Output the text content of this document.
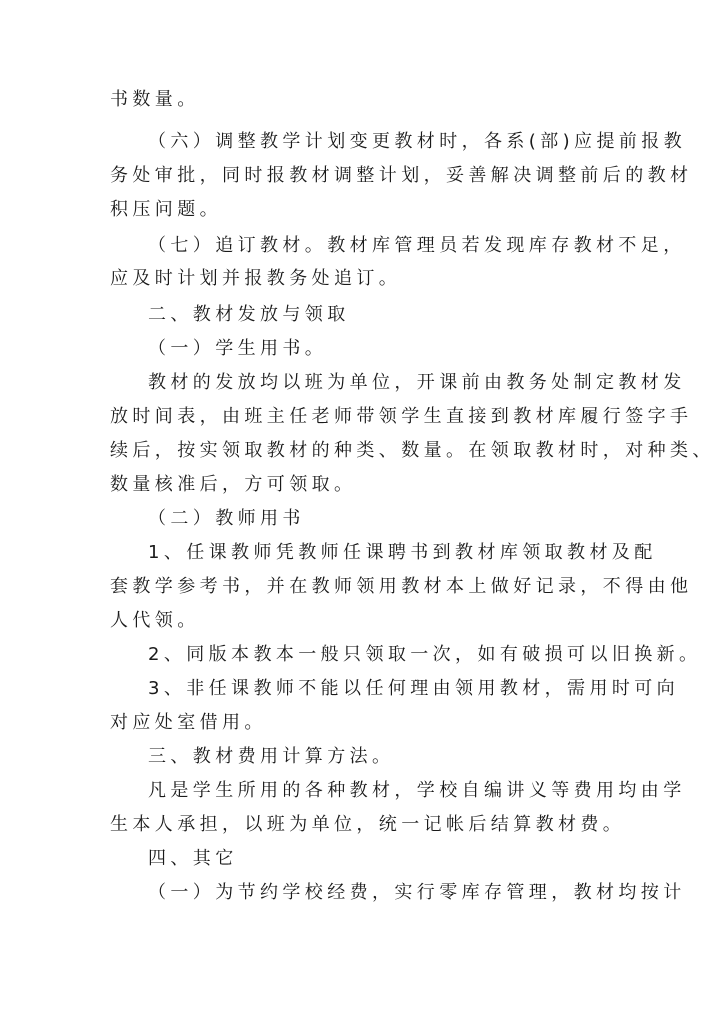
书数量。
（六）调整教学计划变更教材时，各系(部)应提前报教
务处审批，同时报教材调整计划，妥善解决调整前后的教材
积压问题。
（七）追订教材。教材库管理员若发现库存教材不足，
应及时计划并报教务处追订。
二、教材发放与领取
（一）学生用书。
教材的发放均以班为单位，开课前由教务处制定教材发
放时间表，由班主任老师带领学生直接到教材库履行签字手
续后，按实领取教材的种类、数量。在领取教材时，对种类、
数量核准后，方可领取。
（二）教师用书
1、任课教师凭教师任课聘书到教材库领取教材及配
套教学参考书，并在教师领用教材本上做好记录，不得由他
人代领。
2、同版本教本一般只领取一次，如有破损可以旧换新。
3、非任课教师不能以任何理由领用教材，需用时可向
对应处室借用。
三、教材费用计算方法。
凡是学生所用的各种教材，学校自编讲义等费用均由学
生本人承担，以班为单位，统一记帐后结算教材费。
四、其它
（一）为节约学校经费，实行零库存管理，教材均按计
